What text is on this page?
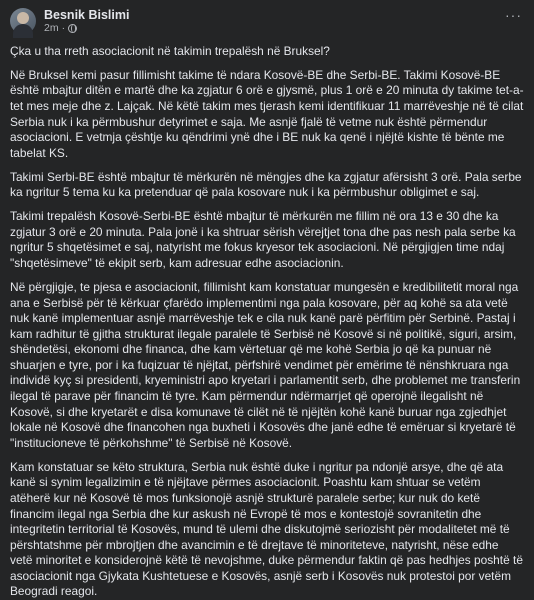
Besnik Bislimi
2m ·
···

Çka u tha rreth asociacionit në takimin trepalësh në Bruksel?

Në Bruksel kemi pasur fillimisht takime të ndara Kosovë-BE dhe Serbi-BE. Takimi Kosovë-BE është mbajtur ditën e martë dhe ka zgjatur 6 orë e gjysmë, plus 1 orë e 20 minuta dy takime tet-a-tet mes meje dhe z. Lajçak. Në këtë takim mes tjerash kemi identifikuar 11 marrëveshje në të cilat Serbia nuk i ka përmbushur detyrimet e saja. Me asnjë fjalë të vetme nuk është përmendur asociacioni. E vetmja çështje ku qëndrimi ynë dhe i BE nuk ka qenë i njëjtë kishte të bënte me tabelat KS.

Takimi Serbi-BE është mbajtur të mërkurën në mëngjes dhe ka zgjatur afërsisht 3 orë. Pala serbe ka ngritur 5 tema ku ka pretenduar që pala kosovare nuk i ka përmbushur obligimet e saj.

Takimi trepalësh Kosovë-Serbi-BE është mbajtur të mërkurën me fillim në ora 13 e 30 dhe ka zgjatur 3 orë e 20 minuta. Pala jonë i ka shtruar sërish vërejtjet tona dhe pas nesh pala serbe ka ngritur 5 shqetësimet e saj, natyrisht me fokus kryesor tek asociacioni. Në përgjigjen time ndaj "shqetësimeve" të ekipit serb, kam adresuar edhe asociacionin.

Në përgjigje, te pjesa e asociacionit, fillimisht kam konstatuar mungesën e kredibilitetit moral nga ana e Serbisë për të kërkuar çfarëdo implementimi nga pala kosovare, për aq kohë sa ata vetë nuk kanë implementuar asnjë marrëveshje tek e cila nuk kanë parë përfitim për Serbinë. Pastaj i kam radhitur të gjitha strukturat ilegale paralele të Serbisë në Kosovë si në politikë, siguri, arsim, shëndetësi, ekonomi dhe financa, dhe kam vërtetuar që me kohë Serbia jo që ka punuar në shuarjen e tyre, por i ka fuqizuar të njëjtat, përfshirë vendimet për emërime të nënshkruara nga individë kyç si presidenti, kryeministri apo kryetari i parlamentit serb, dhe problemet me transferin ilegal të parave për financim të tyre. Kam përmendur ndërmarrjet që operojnë ilegalisht në Kosovë, si dhe kryetarët e disa komunave të cilët në të njëjtën kohë kanë buruar nga zgjedhjet lokale në Kosovë dhe financohen nga buxheti i Kosovës dhe janë edhe të emëruar si kryetarë të "institucioneve të përkohshme" të Serbisë në Kosovë.

Kam konstatuar se këto struktura, Serbia nuk është duke i ngritur pa ndonjë arsye, dhe që ata kanë si synim legalizimin e të njëjtave përmes asociacionit. Poashtu kam shtuar se vetëm atëherë kur në Kosovë të mos funksionojë asnjë strukturë paralele serbe; kur nuk do ketë financim ilegal nga Serbia dhe kur askush në Evropë të mos e kontestojë sovranitetin dhe integritetin territorial të Kosovës, mund të ulemi dhe diskutojmë seriozisht për modalitetet më të përshtatshme për mbrojtjen dhe avancimin e të drejtave të minoriteteve, natyrisht, nëse edhe vetë minoritet e konsiderojnë këtë të nevojshme, duke përmendur faktin që pas hedhjes poshtë të asociacionit nga Gjykata Kushtetuese e Kosovës, asnjë serb i Kosovës nuk protestoi por vetëm Beogradi reagoi.
